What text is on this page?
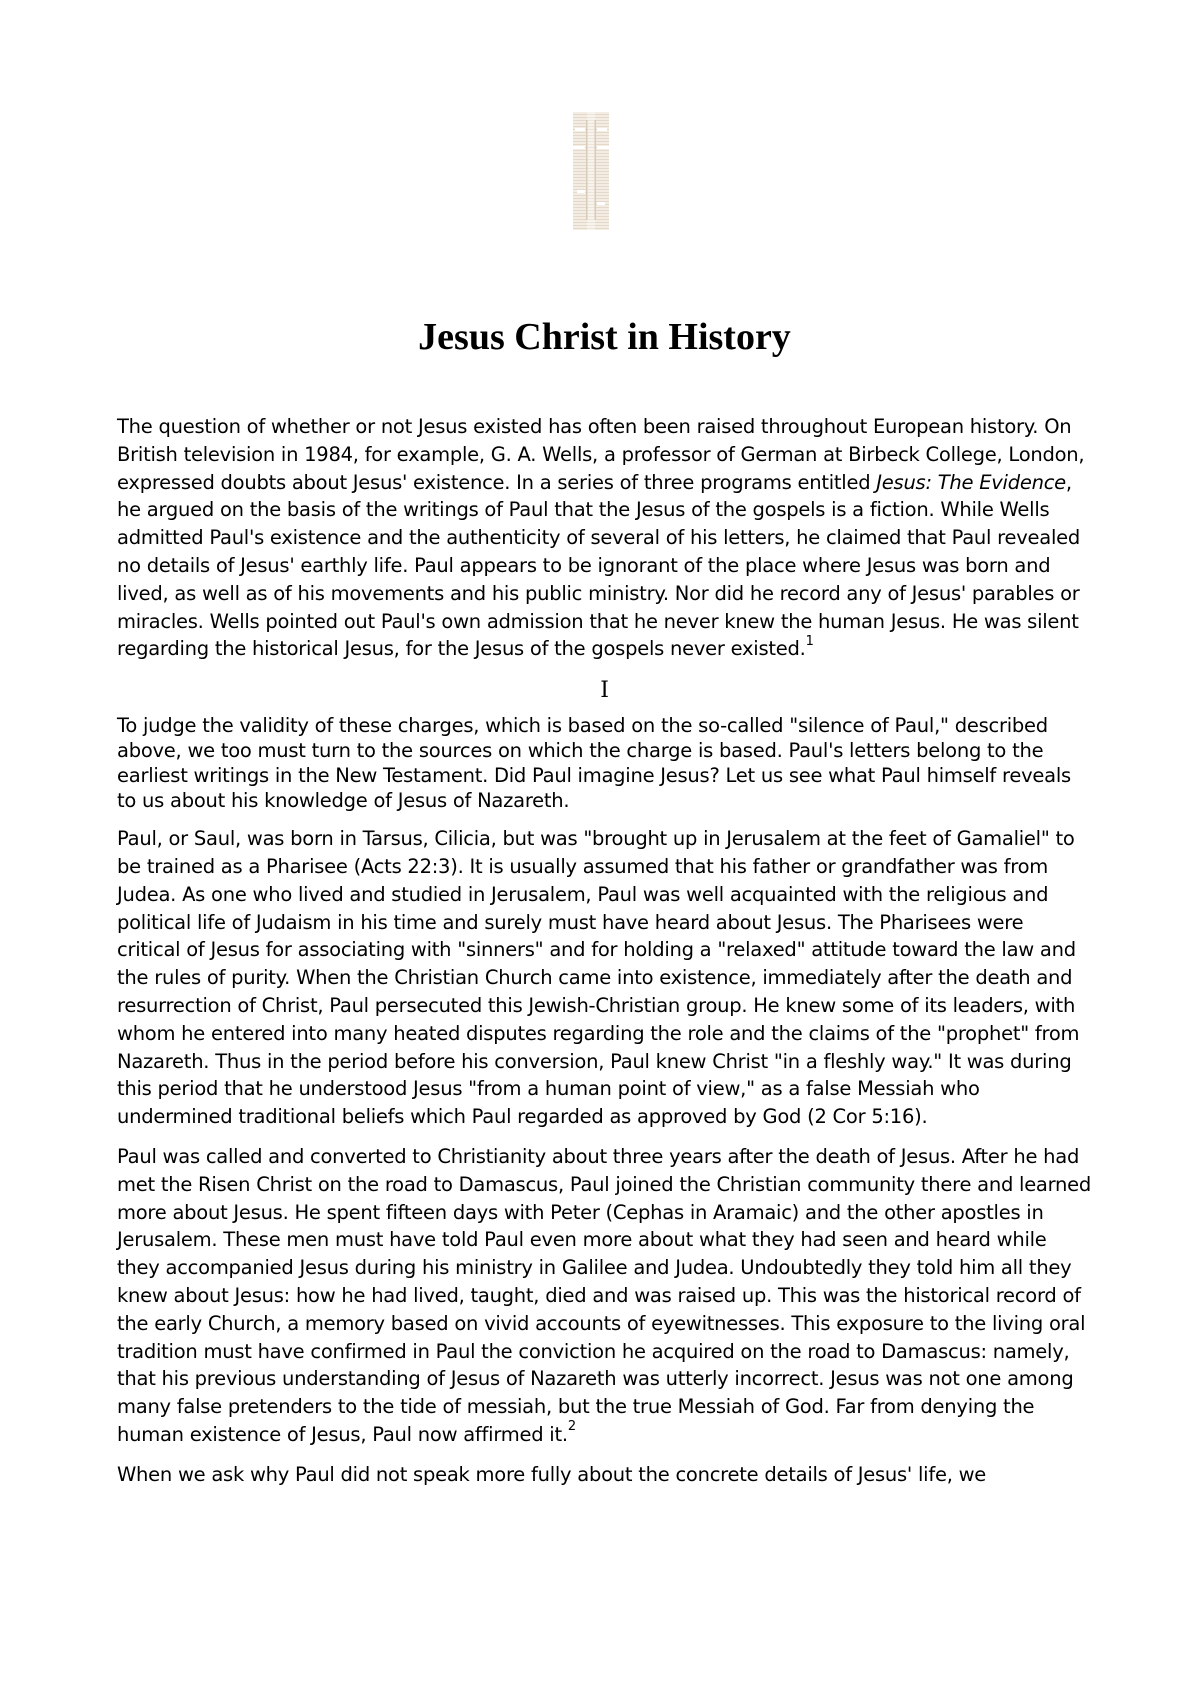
Jesus Christ in History

The question of whether or not Jesus existed has often been raised throughout European history. On British television in 1984, for example, G. A. Wells, a professor of German at Birbeck College, London, expressed doubts about Jesus' existence. In a series of three programs entitled Jesus: The Evidence, he argued on the basis of the writings of Paul that the Jesus of the gospels is a fiction. While Wells admitted Paul's existence and the authenticity of several of his letters, he claimed that Paul revealed no details of Jesus' earthly life. Paul appears to be ignorant of the place where Jesus was born and lived, as well as of his movements and his public ministry. Nor did he record any of Jesus' parables or miracles. Wells pointed out Paul's own admission that he never knew the human Jesus. He was silent regarding the historical Jesus, for the Jesus of the gospels never existed.$^1$

I

To judge the validity of these charges, which is based on the so-called "silence of Paul," described above, we too must turn to the sources on which the charge is based. Paul's letters belong to the earliest writings in the New Testament. Did Paul imagine Jesus? Let us see what Paul himself reveals to us about his knowledge of Jesus of Nazareth.

Paul, or Saul, was born in Tarsus, Cilicia, but was "brought up in Jerusalem at the feet of Gamaliel" to be trained as a Pharisee (Acts 22:3). It is usually assumed that his father or grandfather was from Judea. As one who lived and studied in Jerusalem, Paul was well acquainted with the religious and political life of Judaism in his time and surely must have heard about Jesus. The Pharisees were critical of Jesus for associating with "sinners" and for holding a "relaxed" attitude toward the law and the rules of purity. When the Christian Church came into existence, immediately after the death and resurrection of Christ, Paul persecuted this Jewish-Christian group. He knew some of its leaders, with whom he entered into many heated disputes regarding the role and the claims of the "prophet" from Nazareth. Thus in the period before his conversion, Paul knew Christ "in a fleshly way." It was during this period that he understood Jesus "from a human point of view," as a false Messiah who undermined traditional beliefs which Paul regarded as approved by God (2 Cor 5:16).

Paul was called and converted to Christianity about three years after the death of Jesus. After he had met the Risen Christ on the road to Damascus, Paul joined the Christian community there and learned more about Jesus. He spent fifteen days with Peter (Cephas in Aramaic) and the other apostles in Jerusalem. These men must have told Paul even more about what they had seen and heard while they accompanied Jesus during his ministry in Galilee and Judea. Undoubtedly they told him all they knew about Jesus: how he had lived, taught, died and was raised up. This was the historical record of the early Church, a memory based on vivid accounts of eyewitnesses. This exposure to the living oral tradition must have confirmed in Paul the conviction he acquired on the road to Damascus: namely, that his previous understanding of Jesus of Nazareth was utterly incorrect. Jesus was not one among many false pretenders to the tide of messiah, but the true Messiah of God. Far from denying the human existence of Jesus, Paul now affirmed it.$^2$

When we ask why Paul did not speak more fully about the concrete details of Jesus' life, we
